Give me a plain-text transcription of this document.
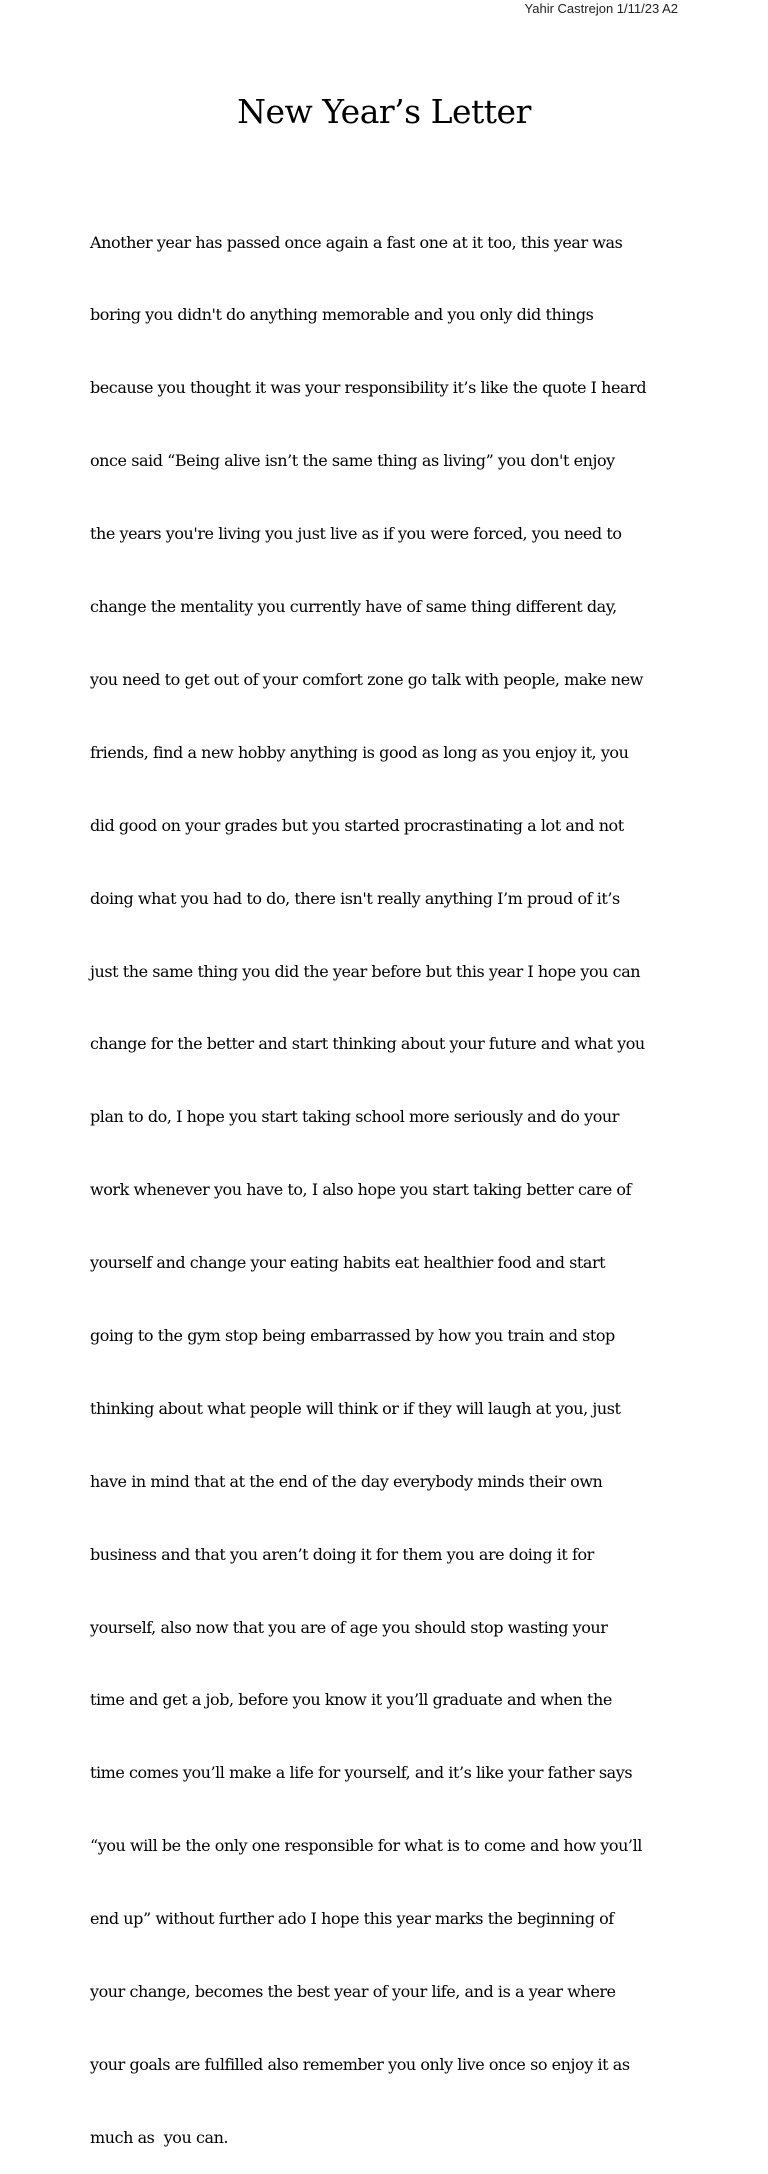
Yahir Castrejon 1/11/23 A2
New Year’s Letter

Another year has passed once again a fast one at it too, this year was

boring you didn't do anything memorable and you only did things

because you thought it was your responsibility it’s like the quote I heard

once said “Being alive isn’t the same thing as living” you don't enjoy

the years you're living you just live as if you were forced, you need to

change the mentality you currently have of same thing different day,

you need to get out of your comfort zone go talk with people, make new

friends, find a new hobby anything is good as long as you enjoy it, you

did good on your grades but you started procrastinating a lot and not

doing what you had to do, there isn't really anything I’m proud of it’s

just the same thing you did the year before but this year I hope you can

change for the better and start thinking about your future and what you

plan to do, I hope you start taking school more seriously and do your

work whenever you have to, I also hope you start taking better care of

yourself and change your eating habits eat healthier food and start

going to the gym stop being embarrassed by how you train and stop

thinking about what people will think or if they will laugh at you, just

have in mind that at the end of the day everybody minds their own

business and that you aren’t doing it for them you are doing it for

yourself, also now that you are of age you should stop wasting your

time and get a job, before you know it you’ll graduate and when the

time comes you’ll make a life for yourself, and it’s like your father says

“you will be the only one responsible for what is to come and how you’ll

end up” without further ado I hope this year marks the beginning of

your change, becomes the best year of your life, and is a year where

your goals are fulfilled also remember you only live once so enjoy it as

much as  you can.
